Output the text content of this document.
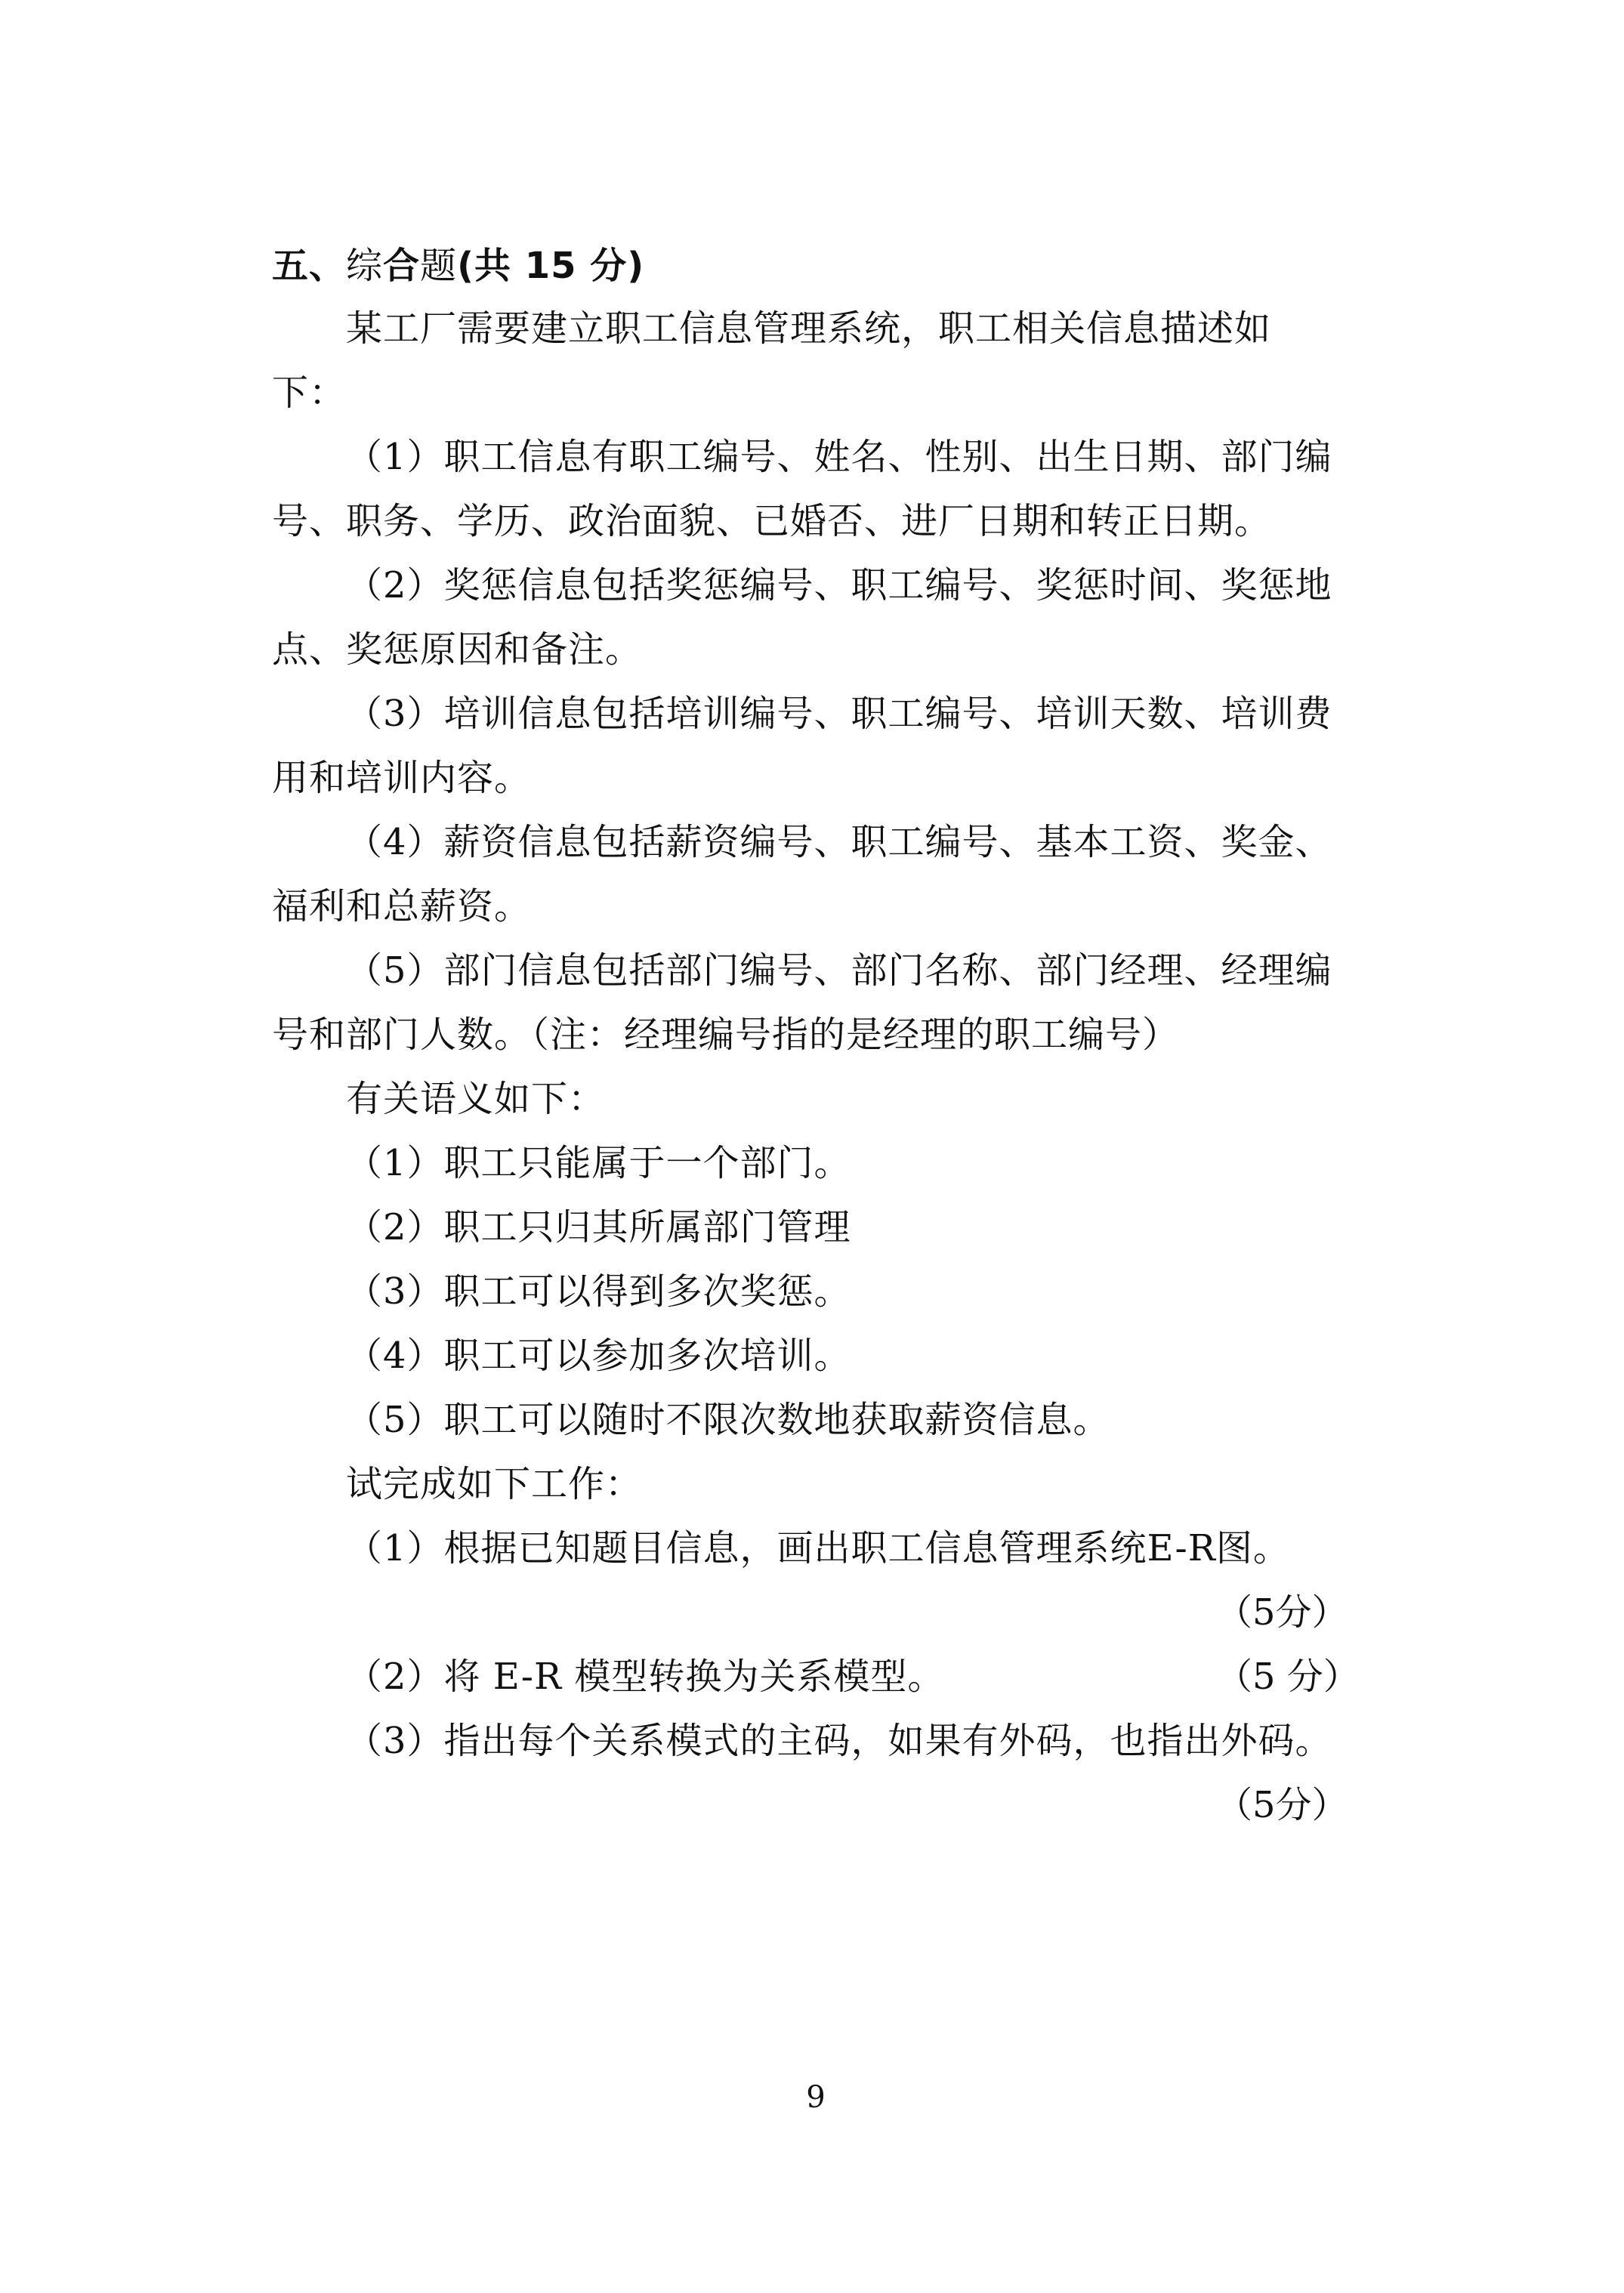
五、综合题(共 15 分)
某工厂需要建立职工信息管理系统，职工相关信息描述如
下：
（1）职工信息有职工编号、姓名、性别、出生日期、部门编
号、职务、学历、政治面貌、已婚否、进厂日期和转正日期。
（2）奖惩信息包括奖惩编号、职工编号、奖惩时间、奖惩地
点、奖惩原因和备注。
（3）培训信息包括培训编号、职工编号、培训天数、培训费
用和培训内容。
（4）薪资信息包括薪资编号、职工编号、基本工资、奖金、
福利和总薪资。
（5）部门信息包括部门编号、部门名称、部门经理、经理编
号和部门人数。（注：经理编号指的是经理的职工编号）
有关语义如下：
（1）职工只能属于一个部门。
（2）职工只归其所属部门管理
（3）职工可以得到多次奖惩。
（4）职工可以参加多次培训。
（5）职工可以随时不限次数地获取薪资信息。
试完成如下工作：
（1）根据已知题目信息，画出职工信息管理系统E-R图。
（5分）
（2）将 E-R 模型转换为关系模型。	（5 分）
（3）指出每个关系模式的主码，如果有外码，也指出外码。
（5分）
9
